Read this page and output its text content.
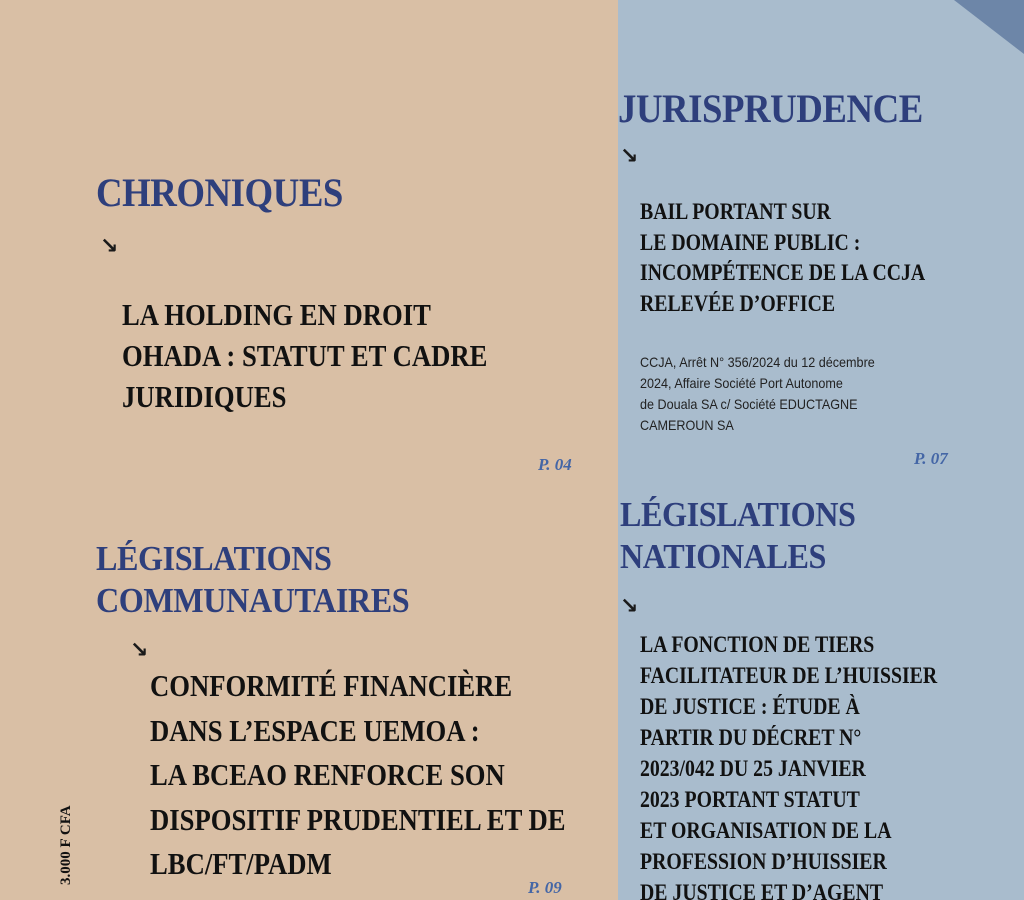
CHRONIQUES
↘
LA HOLDING EN DROIT
OHADA : STATUT ET CADRE
JURIDIQUES
P. 04
LÉGISLATIONS
COMMUNAUTAIRES
↘
CONFORMITÉ FINANCIÈRE
DANS L’ESPACE UEMOA :
LA BCEAO RENFORCE SON
DISPOSITIF PRUDENTIEL ET DE
LBC/FT/PADM
P. 09
3.000 F CFA
JURISPRUDENCE
↘
BAIL PORTANT SUR
LE DOMAINE PUBLIC :
INCOMPÉTENCE DE LA CCJA
RELEVÉE D’OFFICE

CCJA, Arrêt N° 356/2024 du 12 décembre
2024, Affaire Société Port Autonome
de Douala SA c/ Société EDUCTAGNE
CAMEROUN SA

P. 07
LÉGISLATIONS
NATIONALES
↘
LA FONCTION DE TIERS
FACILITATEUR DE L’HUISSIER
DE JUSTICE : ÉTUDE À
PARTIR DU DÉCRET N°
2023/042 DU 25 JANVIER
2023 PORTANT STATUT
ET ORGANISATION DE LA
PROFESSION D’HUISSIER
DE JUSTICE ET D’AGENT
